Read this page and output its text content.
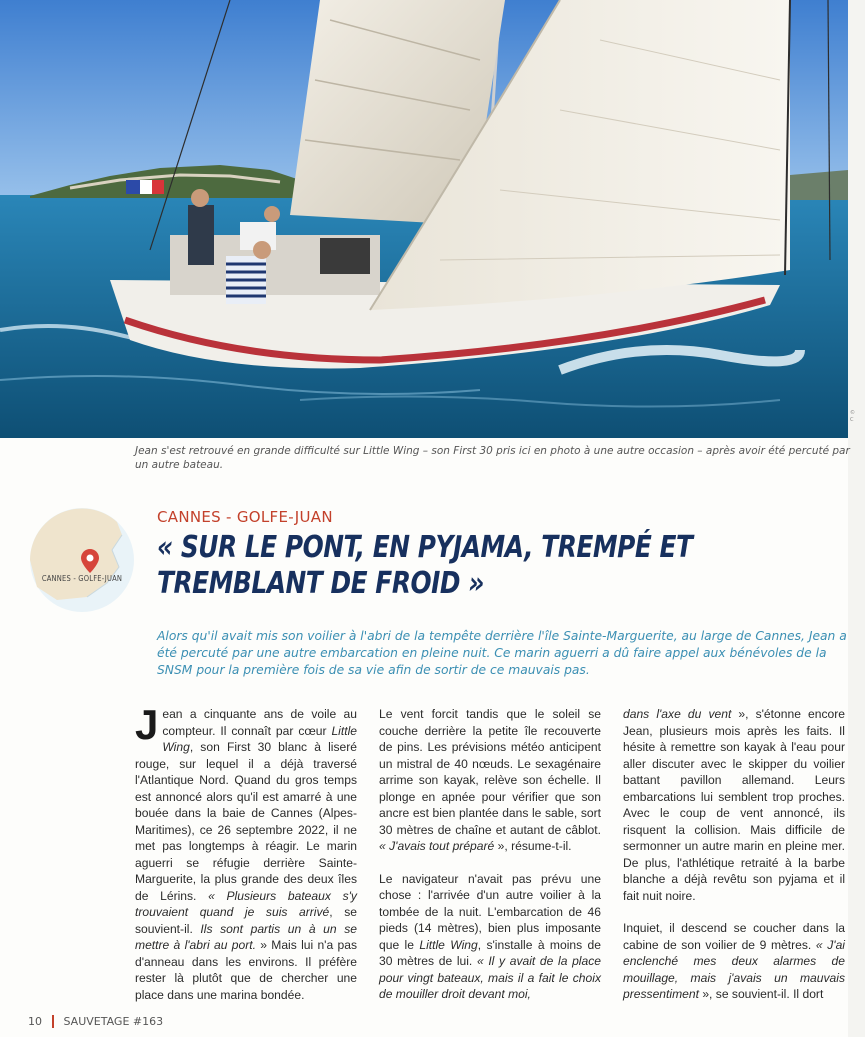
© C
Jean s'est retrouvé en grande difficulté sur Little Wing – son First 30 pris ici en photo à une autre occasion – après avoir été percuté par un autre bateau.
CANNES - GOLFE-JUAN
CANNES - GOLFE-JUAN
« SUR LE PONT, EN PYJAMA, TREMPÉ ET TREMBLANT DE FROID »
Alors qu'il avait mis son voilier à l'abri de la tempête derrière l'île Sainte-Marguerite, au large de Cannes, Jean a été percuté par une autre embarcation en pleine nuit. Ce marin aguerri a dû faire appel aux bénévoles de la SNSM pour la première fois de sa vie afin de sortir de ce mauvais pas.

Jean a cinquante ans de voile au compteur. Il connaît par cœur Little Wing, son First 30 blanc à liseré rouge, sur lequel il a déjà traversé l'Atlantique Nord. Quand du gros temps est annoncé alors qu'il est amarré à une bouée dans la baie de Cannes (Alpes-Maritimes), ce 26 septembre 2022, il ne met pas longtemps à réagir. Le marin aguerri se réfugie derrière Sainte-Marguerite, la plus grande des deux îles de Lérins. « Plusieurs bateaux s'y trouvaient quand je suis arrivé, se souvient-il. Ils sont partis un à un se mettre à l'abri au port. » Mais lui n'a pas d'anneau dans les environs. Il préfère rester là plutôt que de chercher une place dans une marina bondée.

Le vent forcit tandis que le soleil se couche derrière la petite île recouverte de pins. Les prévisions météo anticipent un mistral de 40 nœuds. Le sexagénaire arrime son kayak, relève son échelle. Il plonge en apnée pour vérifier que son ancre est bien plantée dans le sable, sort 30 mètres de chaîne et autant de câblot. « J'avais tout préparé », résume-t-il.

Le navigateur n'avait pas prévu une chose : l'arrivée d'un autre voilier à la tombée de la nuit. L'embarcation de 46 pieds (14 mètres), bien plus imposante que le Little Wing, s'installe à moins de 30 mètres de lui. « Il y avait de la place pour vingt bateaux, mais il a fait le choix de mouiller droit devant moi,

dans l'axe du vent », s'étonne encore Jean, plusieurs mois après les faits. Il hésite à remettre son kayak à l'eau pour aller discuter avec le skipper du voilier battant pavillon allemand. Leurs embarcations lui semblent trop proches. Avec le coup de vent annoncé, ils risquent la collision. Mais difficile de sermonner un autre marin en pleine mer. De plus, l'athlétique retraité à la barbe blanche a déjà revêtu son pyjama et il fait nuit noire.

Inquiet, il descend se coucher dans la cabine de son voilier de 9 mètres. « J'ai enclenché mes deux alarmes de mouillage, mais j'avais un mauvais pressentiment », se souvient-il. Il dort

10 SAUVETAGE #163
